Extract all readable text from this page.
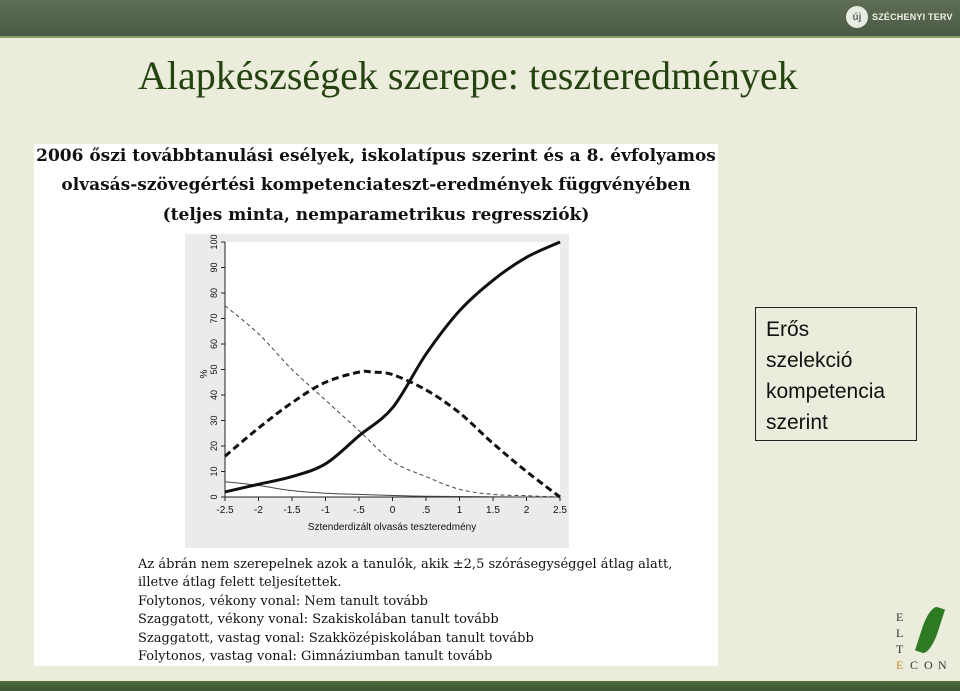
új	SZÉCHENYI TERV
Alapkészségek szerepe: teszteredmények
2006 őszi továbbtanulási esélyek, iskolatípus szerint és a 8. évfolyamos
olvasás-szövegértési kompetenciateszt-eredmények függvényében
(teljes minta, nemparametrikus regressziók)
0
10
20
30
40
50
60
70
80
90
100
-2.5 -2 -1.5 -1 -.5 0	.5	1 1.5 2 2.5
%
Sztenderdizált olvasás teszteredmény
Az ábrán nem szerepelnek azok a tanulók, akik ±2,5 szórásegységgel átlag alatt,
illetve átlag felett teljesítettek.
Folytonos, vékony vonal: Nem tanult tovább
Szaggatott, vékony vonal: Szakiskolában tanult tovább
Szaggatott, vastag vonal: Szakközépiskolában tanult tovább
Folytonos, vastag vonal: Gimnáziumban tanult tovább
Erős
szelekció
kompetencia
szerint
E
L
T
E C O N
